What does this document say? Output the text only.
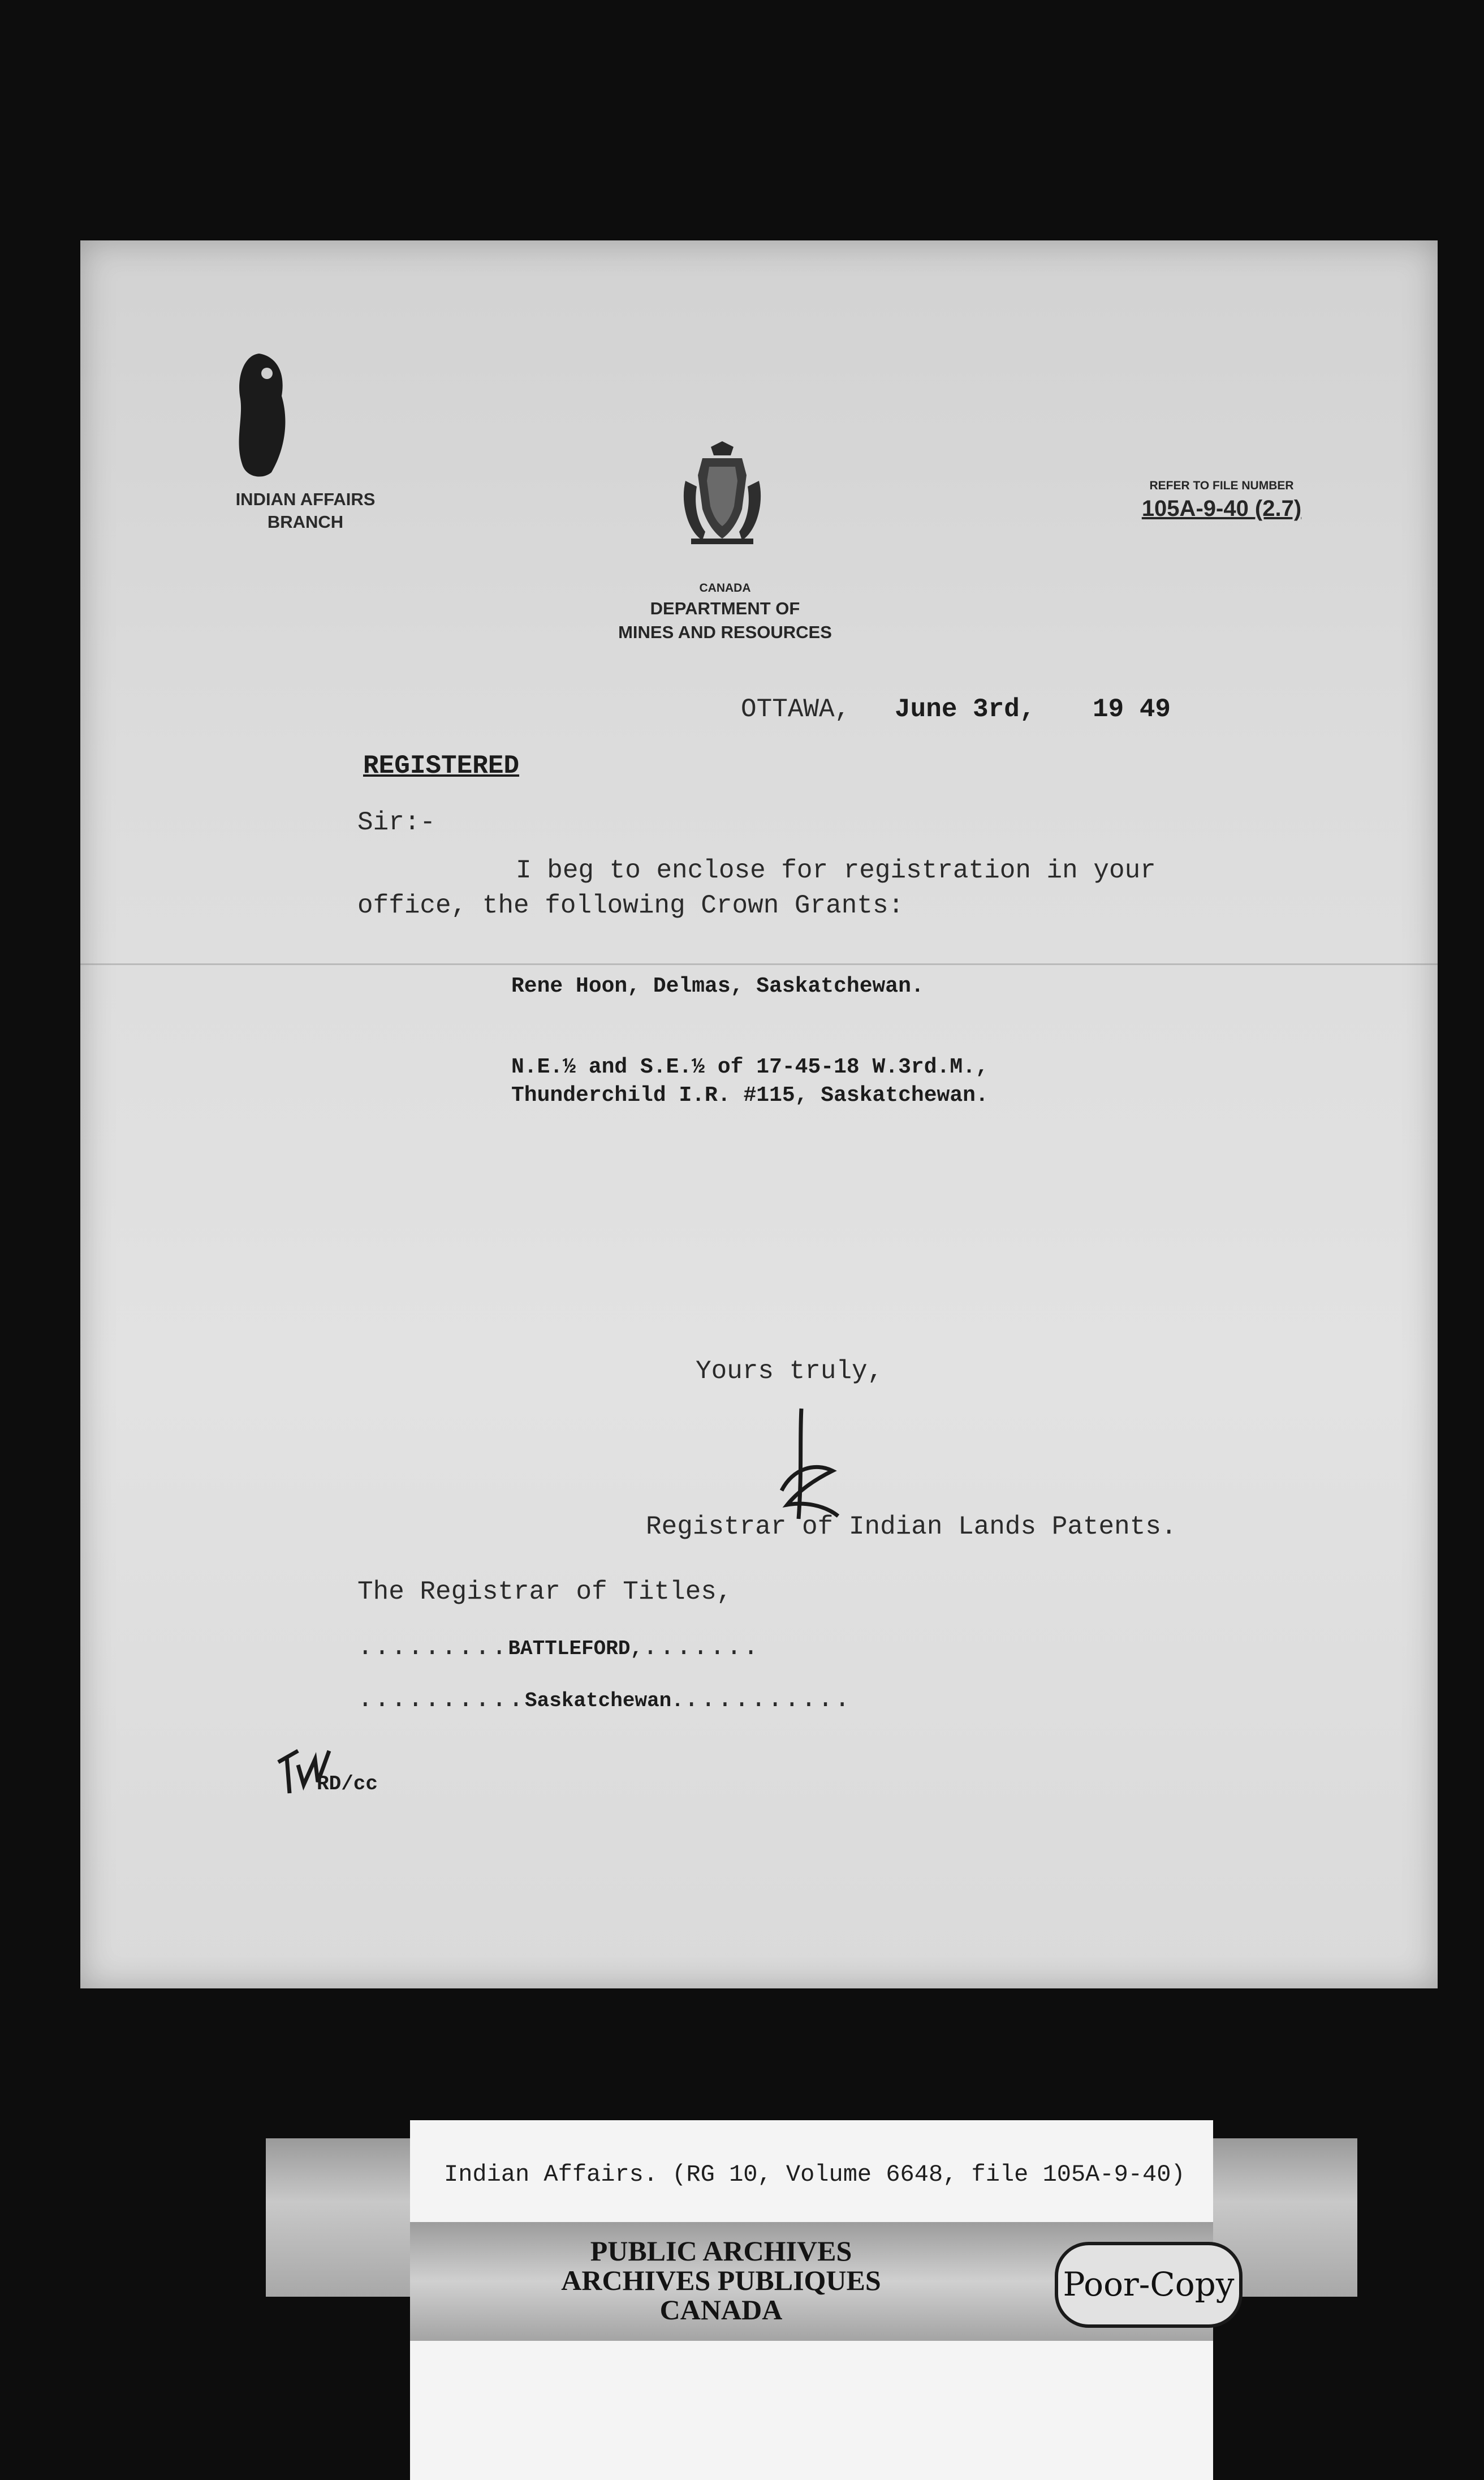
INDIAN AFFAIRS
BRANCH
CANADA
DEPARTMENT OF
MINES AND RESOURCES
REFER TO FILE NUMBER
105A-9-40 (2.7)
OTTAWA, June 3rd, 19 49
REGISTERED
Sir:-
I beg to enclose for registration in your
office, the following Crown Grants:
Rene Hoon, Delmas, Saskatchewan.
N.E.½ and S.E.½ of 17-45-18 W.3rd.M.,
Thunderchild I.R. #115, Saskatchewan.
Yours truly,
Registrar of Indian Lands Patents.
The Registrar of Titles,
.........BATTLEFORD,.......
..........Saskatchewan...........
RD/cc
Indian Affairs. (RG 10, Volume 6648, file 105A-9-40)
PUBLIC ARCHIVES
ARCHIVES PUBLIQUES
CANADA
Poor-Copy
